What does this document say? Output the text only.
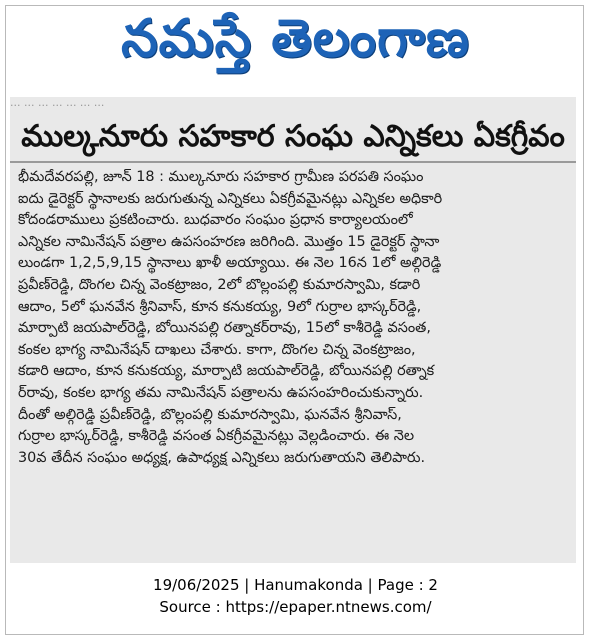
నమస్తే తెలంగాణ
... ... ... ... ... ... ...
ముల్కనూరు సహకార సంఘ ఎన్నికలు ఏకగ్రీవం
భీమదేవరపల్లి, జూన్ 18 : ముల్కనూరు సహకార గ్రామీణ పరపతి సంఘం
ఐదు డైరెక్టర్ స్థానాలకు జరుగుతున్న ఎన్నికలు ఏకగ్రీవమైనట్లు ఎన్నికల అధికారి
కోదండరాములు ప్రకటించారు. బుధవారం సంఘం ప్రధాన కార్యాలయంలో
ఎన్నికల నామినేషన్ పత్రాల ఉపసంహరణ జరిగింది. మొత్తం 15 డైరెక్టర్ స్థానా
లుండగా 1,2,5,9,15 స్థానాలు ఖాళీ అయ్యాయి. ఈ నెల 16న 1లో అల్గిరెడ్డి
ప్రవీణ్‌రెడ్డి, దొంగల చిన్న వెంకట్రాజం, 2లో బొల్లంపల్లి కుమారస్వామి, కడారి
ఆదాం, 5లో ఘనవేన శ్రీనివాస్, కూన కనుకయ్య, 9లో గుర్రాల భాస్కర్‌రెడ్డి,
మార్పాటి జయపాల్‌రెడ్డి, బోయినపల్లి రత్నాకర్‌రావు, 15లో కాశీరెడ్డి వసంత,
కంకల భాగ్య నామినేషన్ దాఖలు చేశారు. కాగా, దొంగల చిన్న వెంకట్రాజం,
కడారి ఆదాం, కూన కనుకయ్య, మార్పాటి జయపాల్‌రెడ్డి, బోయినపల్లి రత్నాక
ర్‌రావు, కంకల భాగ్య తమ నామినేషన్ పత్రాలను ఉపసంహరించుకున్నారు.
దీంతో అల్గిరెడ్డి ప్రవీణ్‌రెడ్డి, బొల్లంపల్లి కుమారస్వామి, ఘనవేన శ్రీనివాస్,
గుర్రాల భాస్కర్‌రెడ్డి, కాశీరెడ్డి వసంత ఏకగ్రీవమైనట్లు వెల్లడించారు. ఈ నెల
30వ తేదీన సంఘం అధ్యక్ష, ఉపాధ్యక్ష ఎన్నికలు జరుగుతాయని తెలిపారు.
19/06/2025 | Hanumakonda | Page : 2
Source : https://epaper.ntnews.com/
